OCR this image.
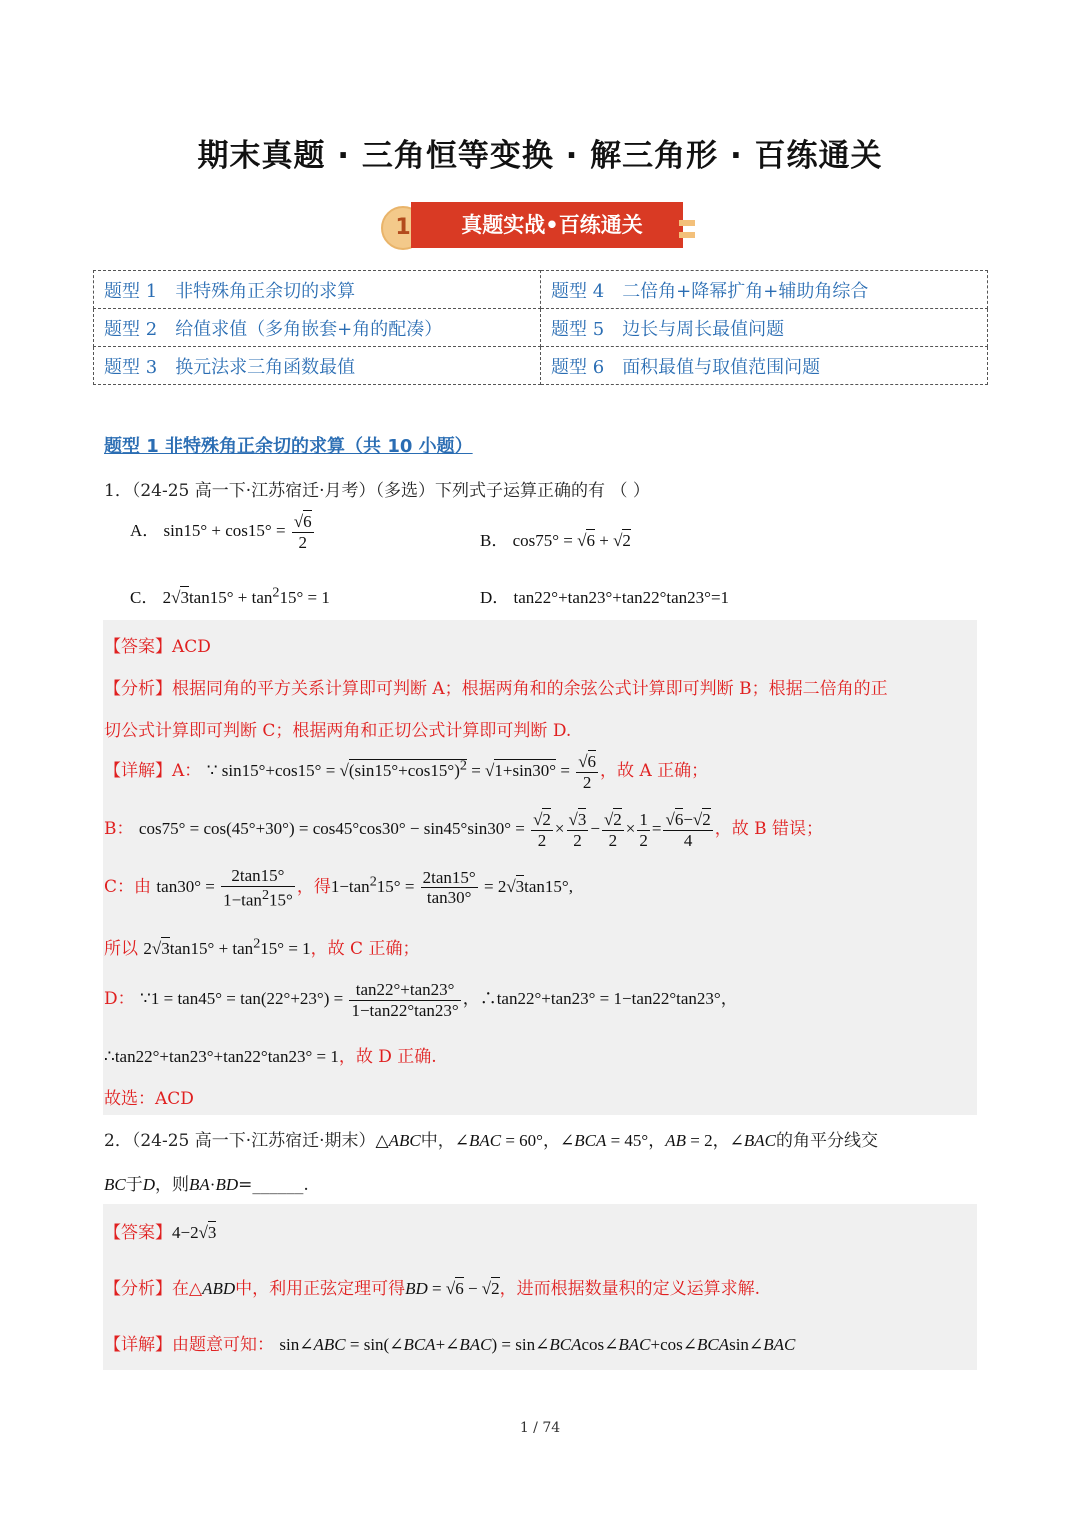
期末真题 · 三角恒等变换 · 解三角形 · 百练通关
1	真题实战•百练通关
题型 1 非特殊角正余切的求算	题型 4 二倍角+降幂扩角+辅助角综合
题型 2 给值求值（多角嵌套+角的配凑）	题型 5 边长与周长最值问题
题型 3 换元法求三角函数最值	题型 6 面积最值与取值范围问题
题型 1 非特殊角正余切的求算（共 10 小题）
1．（24-25 高一下·江苏宿迁·月考）（多选）下列式子运算正确的有 （ ）
A． $\sin 15^\circ + \cos 15^\circ = \frac{√6}{2}$	B． cos75° = √6 + √2
C． $2√3\tan 15^\circ + \tan^215^\circ = 1$	D． tan22°+tan23°+tan22°tan23°=1
【答案】ACD
【分析】根据同角的平方关系计算即可判断 A；根据两角和的余弦公式计算即可判断 B；根据二倍角的正
切公式计算即可判断 C；根据两角和正切公式计算即可判断 D.
【详解】A： ∵ $\sin 15^\circ+\cos 15^\circ = √(\sin 15^\circ+\cos 15^\circ)^2 = √1+\sin 30^\circ = \frac{√6}{2}$ ，故 A 正确；
B： $\cos 75^\circ = \cos(45^\circ+30^\circ) = \cos 45^\circ\cos 30^\circ - \sin 45^\circ\sin 30^\circ = \frac{√2}{2} \times \frac{√3}{2} - \frac{√2}{2} \times \frac{1}{2} = \frac{√6-√2}{4}$ ，故 B 错误；
C：由 $\tan 30^\circ = \frac{2\tan 15^\circ}{1-\tan^215^\circ}$ ，得$1-\tan^215^\circ = \frac{2\tan 15^\circ}{\tan 30^\circ} = 2√3\tan 15^\circ$,
所以 $2√3\tan 15^\circ + \tan^215^\circ = 1$，故 C 正确；
D： ∵1 = $\tan 45^\circ = \tan(22^\circ+23^\circ) = \frac{\tan 22^\circ+\tan 23^\circ}{1-\tan 22^\circ\tan 23^\circ}$ ，∴tan22°+tan23° = 1−tan22°tan23°，
∴tan22°+tan23°+tan22°tan23° = 1，故 D 正确.
故选：ACD
2．（24-25 高一下·江苏宿迁·期末）△ABC中，∠BAC = 60°，∠BCA = 45°，AB = 2，∠BAC的角平分线交
BC于D，则BA·BD=______.
【答案】4−2√3
【分析】在△ABD中，利用正弦定理可得BD = √6 − √2，进而根据数量积的定义运算求解.
【详解】由题意可知： sin∠ABC = sin(∠BCA+∠BAC) = sin∠BCAcos∠BAC+cos∠BCAsin∠BAC
1 / 74
